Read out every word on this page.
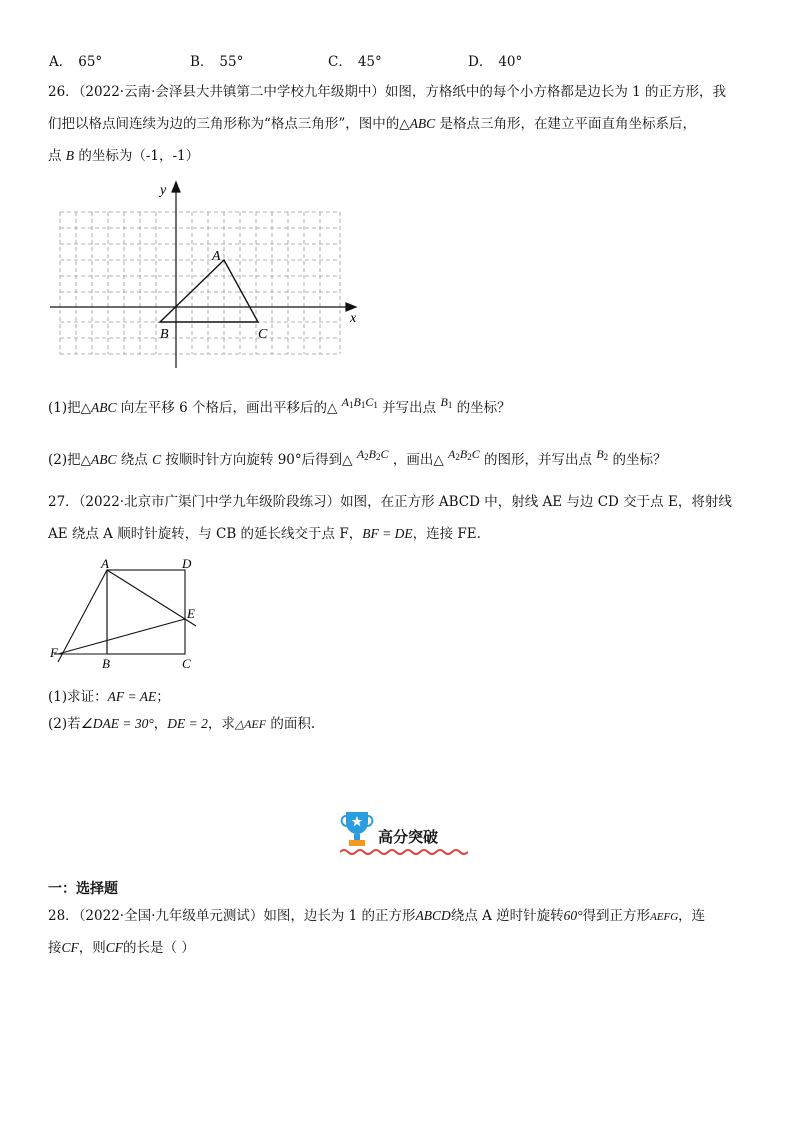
A． 65°	B． 55°	C． 45°	D． 40°
26．（2022·云南·会泽县大井镇第二中学校九年级期中）如图，方格纸中的每个小方格都是边长为 1 的正方形，我
们把以格点间连续为边的三角形称为“格点三角形”，图中的△ABC 是格点三角形，在建立平面直角坐标系后，
点 B 的坐标为（-1，-1）
y
x
A
B	C
(1)把△ABC 向左平移 6 个格后，画出平移后的△ $A_1B_1C_1$ 并写出点 $B_1$ 的坐标？
(2)把△ABC 绕点 C 按顺时针方向旋转 90°后得到△ $A_2B_2C$ ，画出△ $A_2B_2C$ 的图形，并写出点 $B_2$ 的坐标？
27．（2022·北京市广渠门中学九年级阶段练习）如图，在正方形 ABCD 中，射线 AE 与边 CD 交于点 E，将射线
AE 绕点 A 顺时针旋转，与 CB 的延长线交于点 F，BF = DE，连接 FE.
A	D
E
F
B	C
(1)求证：AF = AE；
(2)若∠DAE = 30°，DE = 2，求△AEF 的面积.
高分突破
一：选择题
28．（2022·全国·九年级单元测试）如图，边长为 1 的正方形ABCD绕点 A 逆时针旋转60°得到正方形AEFG，连
接CF，则CF的长是（ ）
